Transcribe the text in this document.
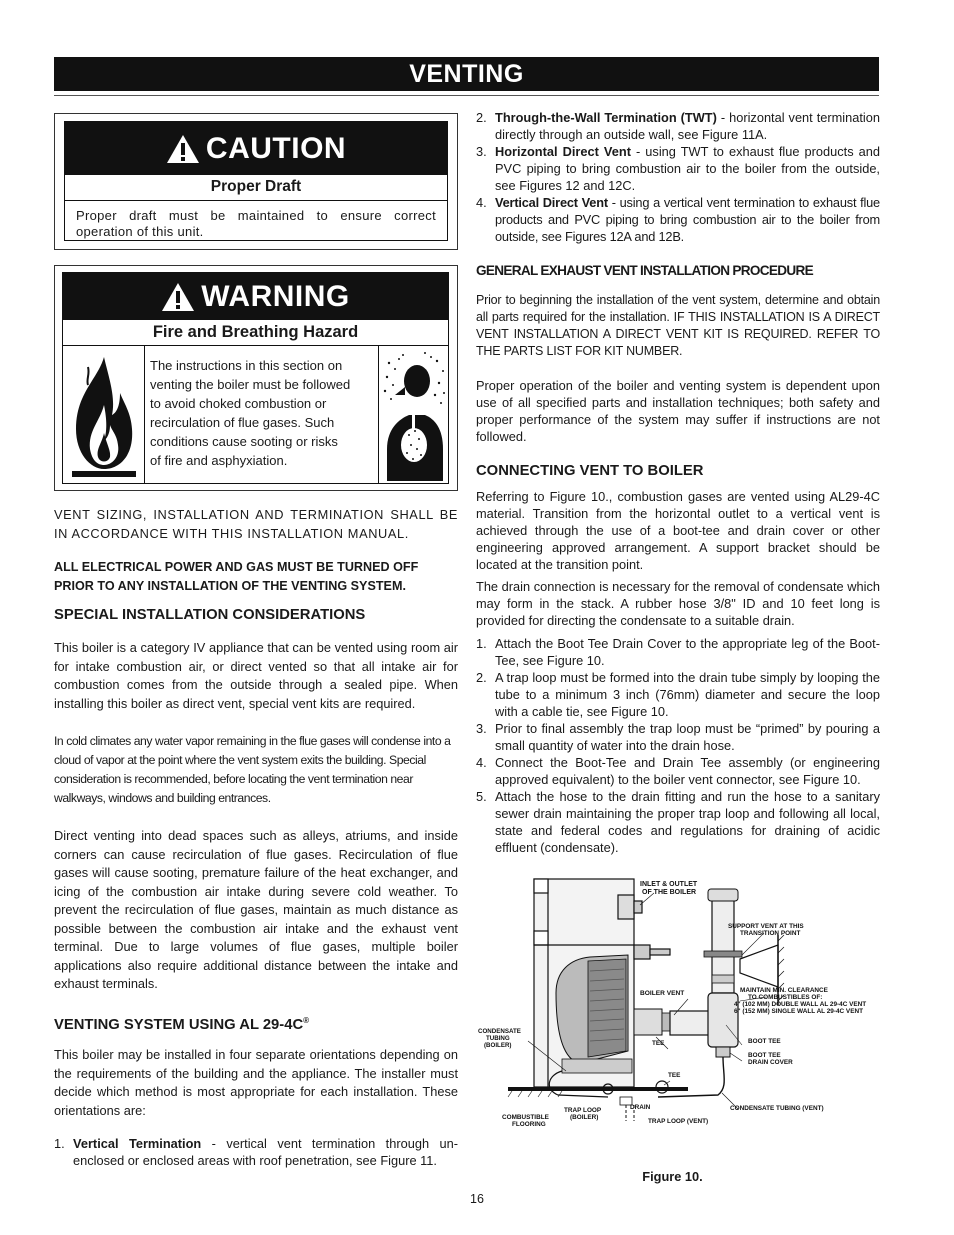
VENTING
CAUTION
Proper Draft
Proper draft must be maintained to ensure correct operation of this unit.
WARNING
Fire and Breathing Hazard
The instructions in this section on
venting the boiler must be followed
to avoid choked combustion or
recirculation of flue gases. Such
conditions cause sooting or risks
of fire and asphyxiation.

VENT SIZING, INSTALLATION AND TERMINATION SHALL BE IN ACCORDANCE WITH THIS INSTALLATION MANUAL.

ALL ELECTRICAL POWER AND GAS MUST BE TURNED OFF PRIOR TO ANY INSTALLATION OF THE VENTING SYSTEM.

SPECIAL INSTALLATION CONSIDERATIONS

This boiler is a category IV appliance that can be vented using room air for intake combustion air, or direct vented so that all intake air for combustion comes from the outside through a sealed pipe. When installing this boiler as direct vent, special vent kits are required.

In cold climates any water vapor remaining in the flue gases will condense into a cloud of vapor at the point where the vent system exits the building. Special consideration is recommended, before locating the vent termination near walkways, windows and building entrances.

Direct venting into dead spaces such as alleys, atriums, and inside corners can cause recirculation of flue gases. Recirculation of flue gases will cause sooting, premature failure of the heat exchanger, and icing of the combustion air intake during severe cold weather. To prevent the recirculation of flue gases, maintain as much distance as possible between the combustion air intake and the exhaust vent terminal. Due to large volumes of flue gases, multiple boiler applications also require additional distance between the intake and exhaust terminals.

VENTING SYSTEM USING AL 29-4C®

This boiler may be installed in four separate orientations depending on the requirements of the building and the appliance. The installer must decide which method is most appropriate for each installation. These orientations are:

1. Vertical Termination - vertical vent termination through un-enclosed or enclosed areas with roof penetration, see Figure 11.
2. Through-the-Wall Termination (TWT) - horizontal vent termination directly through an outside wall, see Figure 11A.
3. Horizontal Direct Vent - using TWT to exhaust flue products and PVC piping to bring combustion air to the boiler from the outside, see Figures 12 and 12C.
4. Vertical Direct Vent - using a vertical vent termination to exhaust flue products and PVC piping to bring combustion air to the boiler from outside, see Figures 12A and 12B.
GENERAL EXHAUST VENT INSTALLATION PROCEDURE

Prior to beginning the installation of the vent system, determine and obtain all parts required for the installation. IF THIS INSTALLATION IS A DIRECT VENT INSTALLATION A DIRECT VENT KIT IS REQUIRED. REFER TO THE PARTS LIST FOR KIT NUMBER.

Proper operation of the boiler and venting system is dependent upon use of all specified parts and installation techniques; both safety and proper performance of the system may suffer if instructions are not followed.

CONNECTING VENT TO BOILER

Referring to Figure 10., combustion gases are vented using AL29-4C material. Transition from the horizontal outlet to a vertical vent is achieved through the use of a boot-tee and drain cover or other engineering approved arrangement. A support bracket should be located at the transition point.

The drain connection is necessary for the removal of condensate which may form in the stack. A rubber hose 3/8" ID and 10 feet long is provided for directing the condensate to a suitable drain.

1. Attach the Boot Tee Drain Cover to the appropriate leg of the Boot-Tee, see Figure 10.
2. A trap loop must be formed into the drain tube simply by looping the tube to a minimum 3 inch (76mm) diameter and secure the loop with a cable tie, see Figure 10.
3. Prior to final assembly the trap loop must be “primed” by pouring a small quantity of water into the drain hose.
4. Connect the Boot-Tee and Drain Tee assembly (or engineering approved equivalent) to the boiler vent connector, see Figure 10.
5. Attach the hose to the drain fitting and run the hose to a sanitary sewer drain maintaining the proper trap loop and following all local, state and federal codes and regulations for draining of acidic effluent (condensate).
INLET & OUTLET
OF THE BOILER
SUPPORT VENT AT THIS
TRANSITION POINT
MAINTAIN MIN. CLEARANCE
TO COMBUSTIBLES OF:
4" (102 MM) DOUBLE WALL AL 29-4C VENT
6" (152 MM) SINGLE WALL AL 29-4C VENT
BOILER VENT
CONDENSATE
TUBING
(BOILER)	TEE
TEE
BOOT TEE
BOOT TEE
DRAIN COVER
CONDENSATE TUBING (VENT)
COMBUSTIBLE
FLOORING
TRAP LOOP
(BOILER)
DRAIN
TRAP LOOP (VENT)
Figure 10.
16
